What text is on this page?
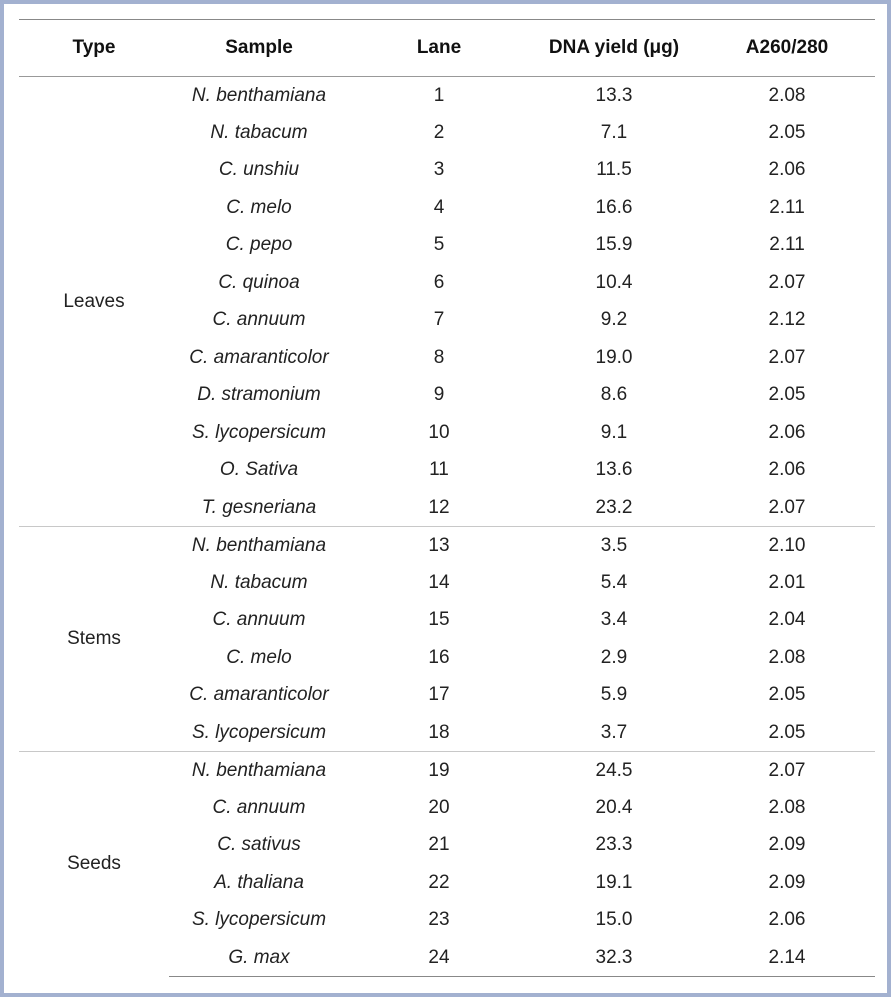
Type	Sample	Lane	DNA yield (μg)	A260/280
Leaves	N. benthamiana	1	13.3	2.08
	N. tabacum	2	7.1	2.05
	C. unshiu	3	11.5	2.06
	C. melo	4	16.6	2.11
	C. pepo	5	15.9	2.11
	C. quinoa	6	10.4	2.07
	C. annuum	7	9.2	2.12
	C. amaranticolor	8	19.0	2.07
	D. stramonium	9	8.6	2.05
	S. lycopersicum	10	9.1	2.06
	O. Sativa	11	13.6	2.06
	T. gesneriana	12	23.2	2.07
Stems	N. benthamiana	13	3.5	2.10
	N. tabacum	14	5.4	2.01
	C. annuum	15	3.4	2.04
	C. melo	16	2.9	2.08
	C. amaranticolor	17	5.9	2.05
	S. lycopersicum	18	3.7	2.05
Seeds	N. benthamiana	19	24.5	2.07
	C. annuum	20	20.4	2.08
	C. sativus	21	23.3	2.09
	A. thaliana	22	19.1	2.09
	S. lycopersicum	23	15.0	2.06
	G. max	24	32.3	2.14
